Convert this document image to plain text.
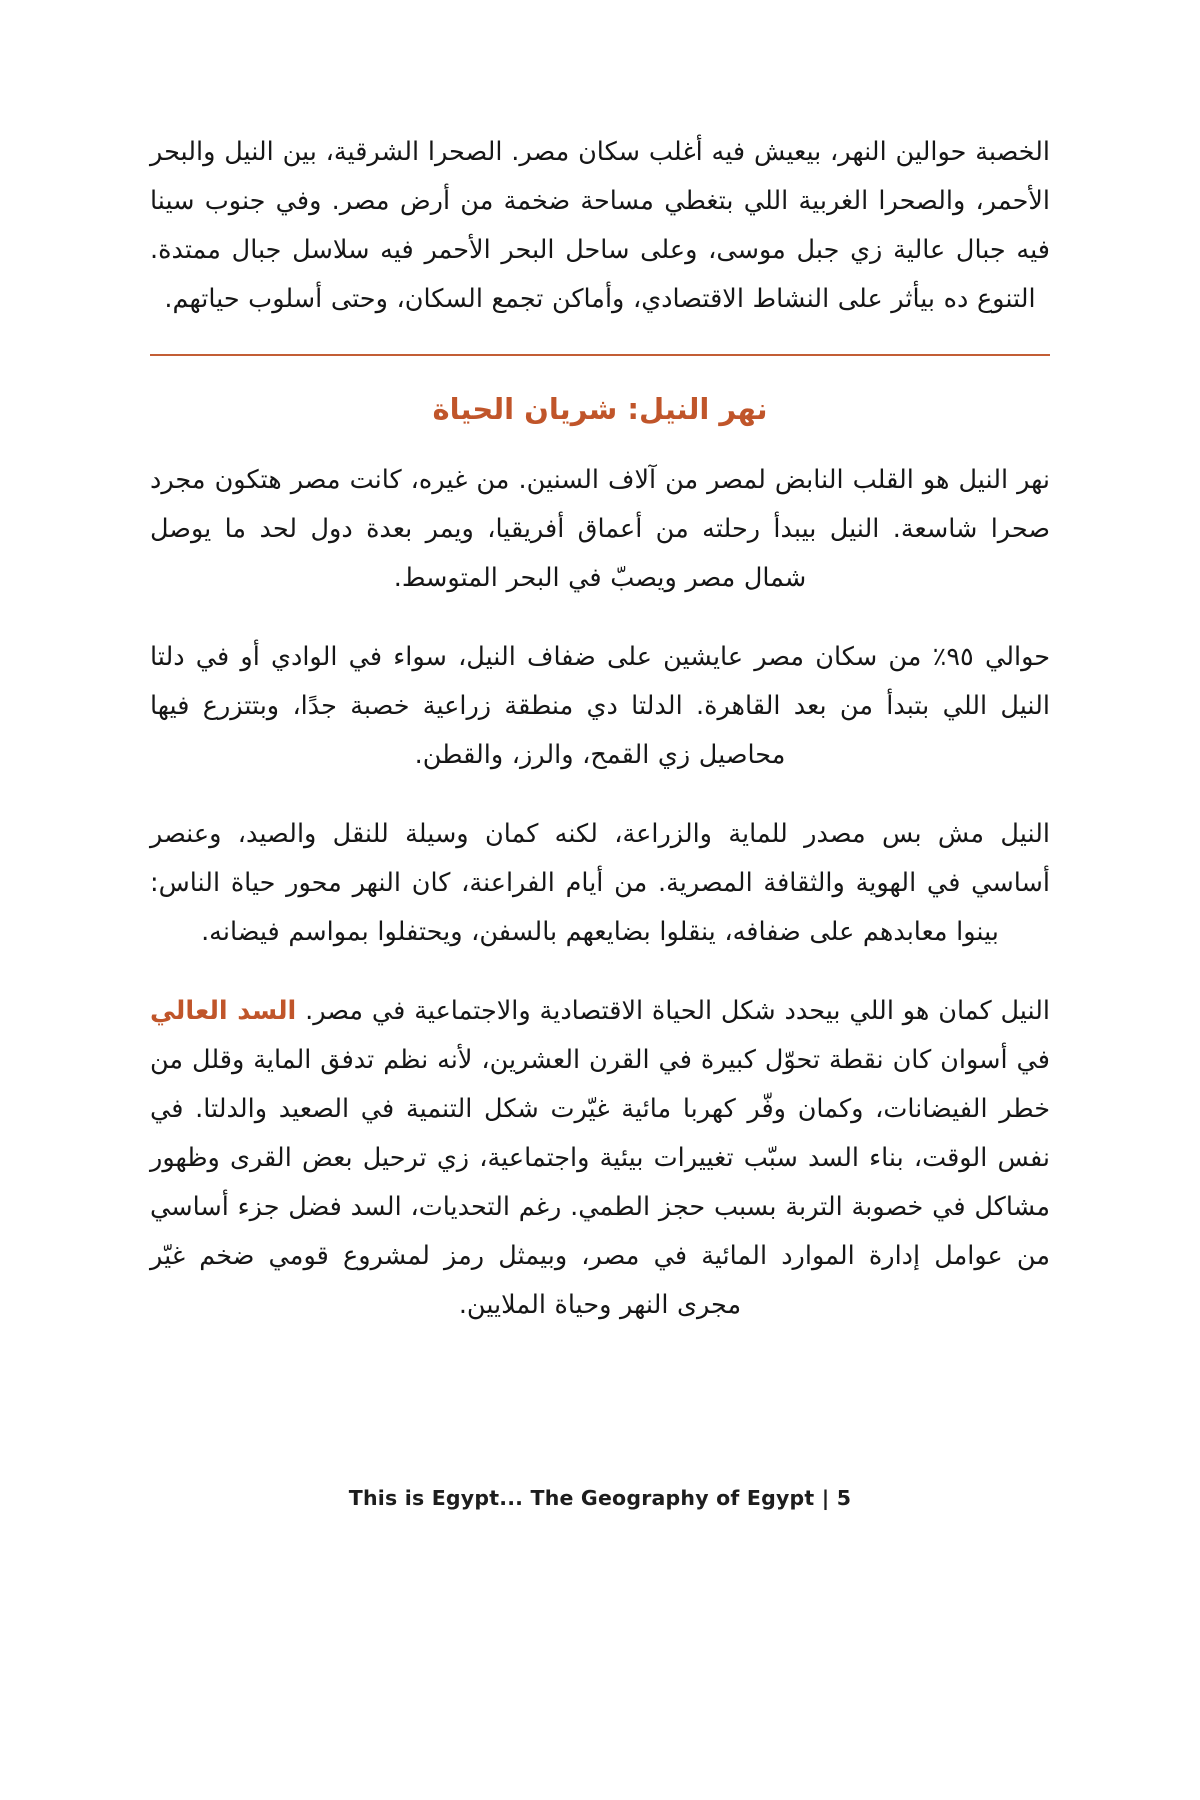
الخصبة حوالين النهر، بيعيش فيه أغلب سكان مصر. الصحرا الشرقية، بين النيل والبحر الأحمر، والصحرا الغربية اللي بتغطي مساحة ضخمة من أرض مصر. وفي جنوب سينا فيه جبال عالية زي جبل موسى، وعلى ساحل البحر الأحمر فيه سلاسل جبال ممتدة. التنوع ده بيأثر على النشاط الاقتصادي، وأماكن تجمع السكان، وحتى أسلوب حياتهم.

نهر النيل: شريان الحياة

نهر النيل هو القلب النابض لمصر من آلاف السنين. من غيره، كانت مصر هتكون مجرد صحرا شاسعة. النيل بيبدأ رحلته من أعماق أفريقيا، ويمر بعدة دول لحد ما يوصل شمال مصر ويصبّ في البحر المتوسط.

حوالي ٩٥٪ من سكان مصر عايشين على ضفاف النيل، سواء في الوادي أو في دلتا النيل اللي بتبدأ من بعد القاهرة. الدلتا دي منطقة زراعية خصبة جدًا، وبتتزرع فيها محاصيل زي القمح، والرز، والقطن.

النيل مش بس مصدر للماية والزراعة، لكنه كمان وسيلة للنقل والصيد، وعنصر أساسي في الهوية والثقافة المصرية. من أيام الفراعنة، كان النهر محور حياة الناس: بينوا معابدهم على ضفافه، ينقلوا بضايعهم بالسفن، ويحتفلوا بمواسم فيضانه.

النيل كمان هو اللي بيحدد شكل الحياة الاقتصادية والاجتماعية في مصر. السد العالي في أسوان كان نقطة تحوّل كبيرة في القرن العشرين، لأنه نظم تدفق الماية وقلل من خطر الفيضانات، وكمان وفّر كهربا مائية غيّرت شكل التنمية في الصعيد والدلتا. في نفس الوقت، بناء السد سبّب تغييرات بيئية واجتماعية، زي ترحيل بعض القرى وظهور مشاكل في خصوبة التربة بسبب حجز الطمي. رغم التحديات، السد فضل جزء أساسي من عوامل إدارة الموارد المائية في مصر، وبيمثل رمز لمشروع قومي ضخم غيّر مجرى النهر وحياة الملايين.

This is Egypt... The Geography of Egypt | 5
